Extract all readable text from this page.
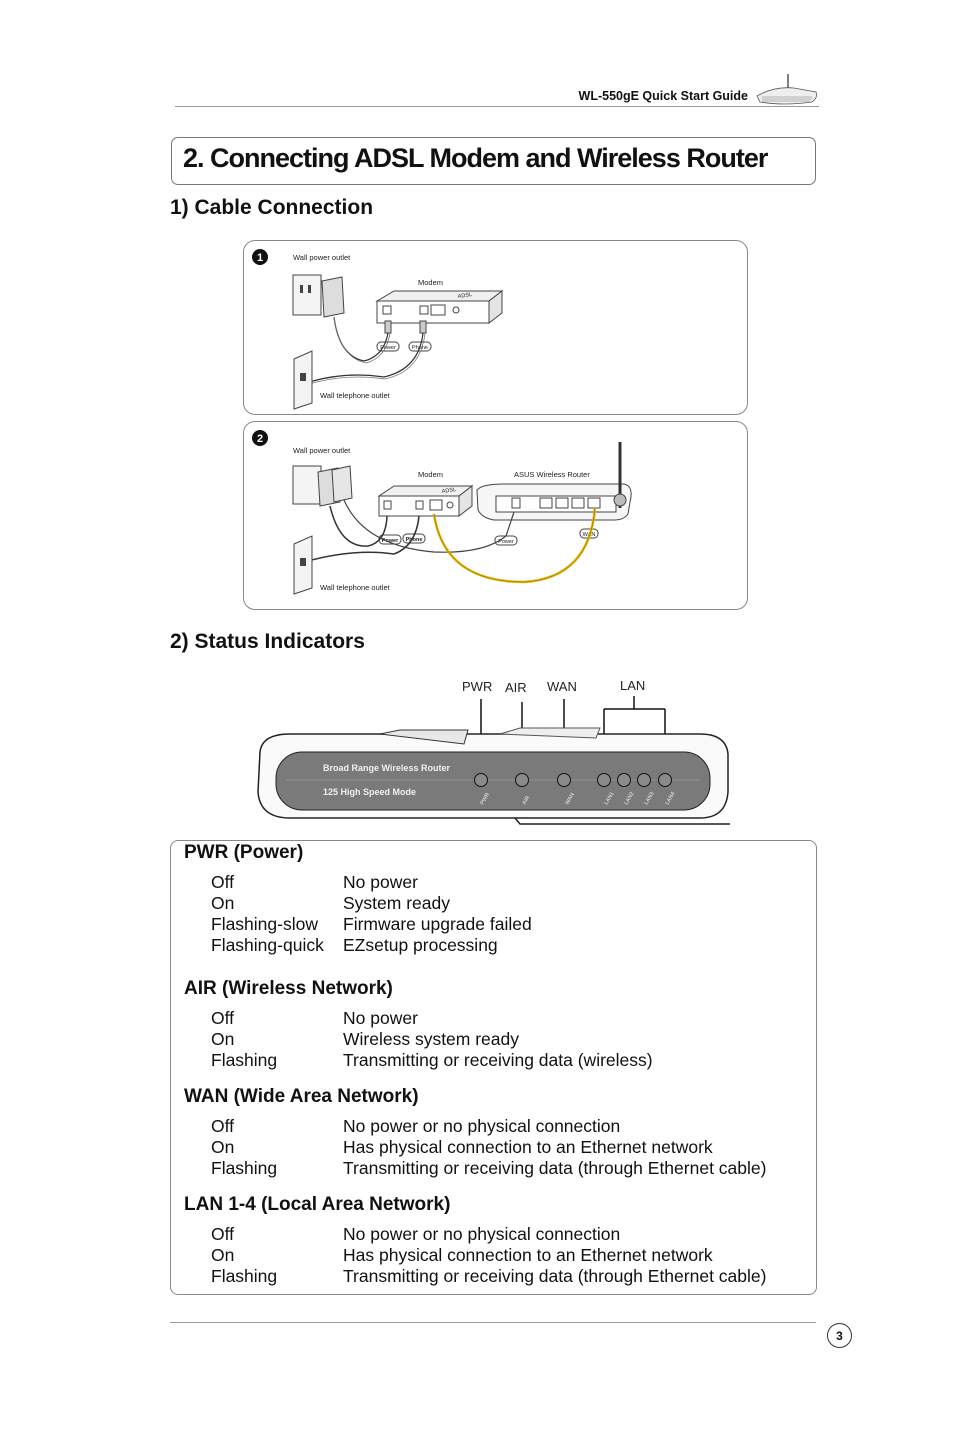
WL-550gE Quick Start Guide
2. Connecting ADSL Modem and Wireless Router
1) Cable Connection
1	Wall power outlet
Modem
ADSL
Power	Phone
Wall telephone outlet
2
Wall power outlet
Modem	ASUS Wireless Router
ADSL
Power Phone	Power
WAN
Wall telephone outlet
2) Status Indicators
PWR AIR WAN	LAN
Broad Range Wireless Router
125 High Speed Mode	PWR	AIR	WAN	LAN1 LAN2 LAN3 LAN4
PWR (Power)
Off	No power
On	System ready
Flashing-slow	Firmware upgrade failed
Flashing-quick	EZsetup processing
AIR (Wireless Network)
Off	No power
On	Wireless system ready
Flashing	Transmitting or receiving data (wireless)
WAN (Wide Area Network)
Off	No power or no physical connection
On	Has physical connection to an Ethernet network
Flashing	Transmitting or receiving data (through Ethernet cable)
LAN 1-4 (Local Area Network)
Off	No power or no physical connection
On	Has physical connection to an Ethernet network
Flashing	Transmitting or receiving data (through Ethernet cable)
3
